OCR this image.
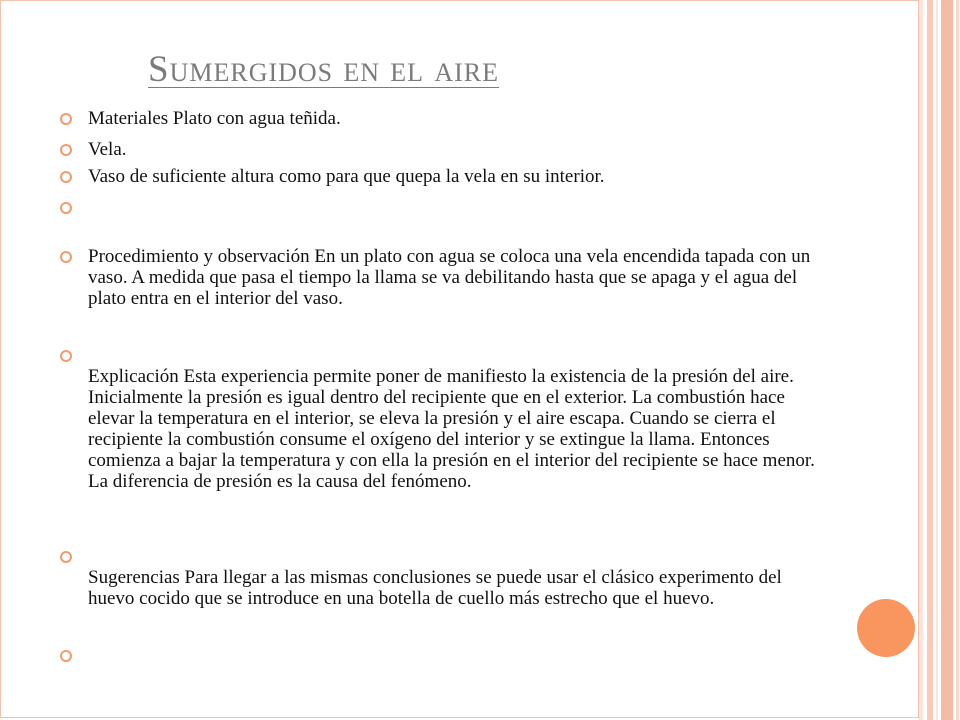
Sumergidos en el aire

Materiales Plato con agua teñida.

Vela.

Vaso de suficiente altura como para que quepa la vela en su interior.

Procedimiento y observación En un plato con agua se coloca una vela encendida tapada con un vaso. A medida que pasa el tiempo la llama se va debilitando hasta que se apaga y el agua del plato entra en el interior del vaso.

Explicación Esta experiencia permite poner de manifiesto la existencia de la presión del aire. Inicialmente la presión es igual dentro del recipiente que en el exterior. La combustión hace elevar la temperatura en el interior, se eleva la presión y el aire escapa. Cuando se cierra el recipiente la combustión consume el oxígeno del interior y se extingue la llama. Entonces comienza a bajar la temperatura y con ella la presión en el interior del recipiente se hace menor. La diferencia de presión es la causa del fenómeno.

Sugerencias Para llegar a las mismas conclusiones se puede usar el clásico experimento del huevo cocido que se introduce en una botella de cuello más estrecho que el huevo.
